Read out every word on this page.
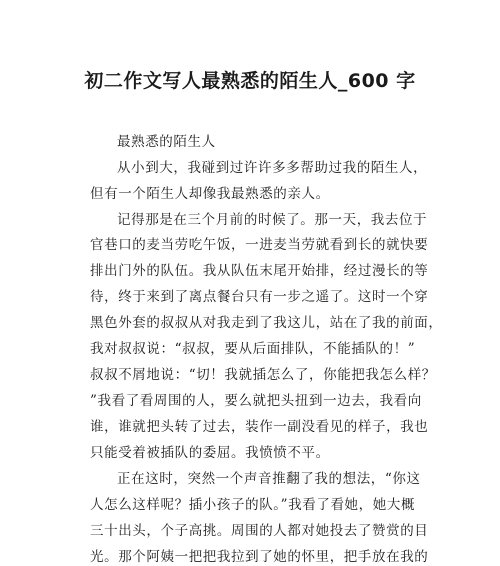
初二作文写人最熟悉的陌生人_600 字
最熟悉的陌生人
从小到大，我碰到过许许多多帮助过我的陌生人，
但有一个陌生人却像我最熟悉的亲人。
记得那是在三个月前的时候了。那一天，我去位于
官巷口的麦当劳吃午饭，一进麦当劳就看到长的就快要
排出门外的队伍。我从队伍末尾开始排，经过漫长的等
待，终于来到了离点餐台只有一步之遥了。这时一个穿
黑色外套的叔叔从对我走到了我这儿，站在了我的前面，
我对叔叔说：“叔叔，要从后面排队，不能插队的！”
叔叔不屑地说：“切！我就插怎么了，你能把我怎么样？
”我看了看周围的人，要么就把头扭到一边去，我看向
谁，谁就把头转了过去，装作一副没看见的样子，我也
只能受着被插队的委屈。我愤愤不平。
正在这时，突然一个声音推翻了我的想法，“你这
人怎么这样呢？插小孩子的队。”我看了看她，她大概
三十出头，个子高挑。周围的人都对她投去了赞赏的目
光。那个阿姨一把把我拉到了她的怀里，把手放在我的
